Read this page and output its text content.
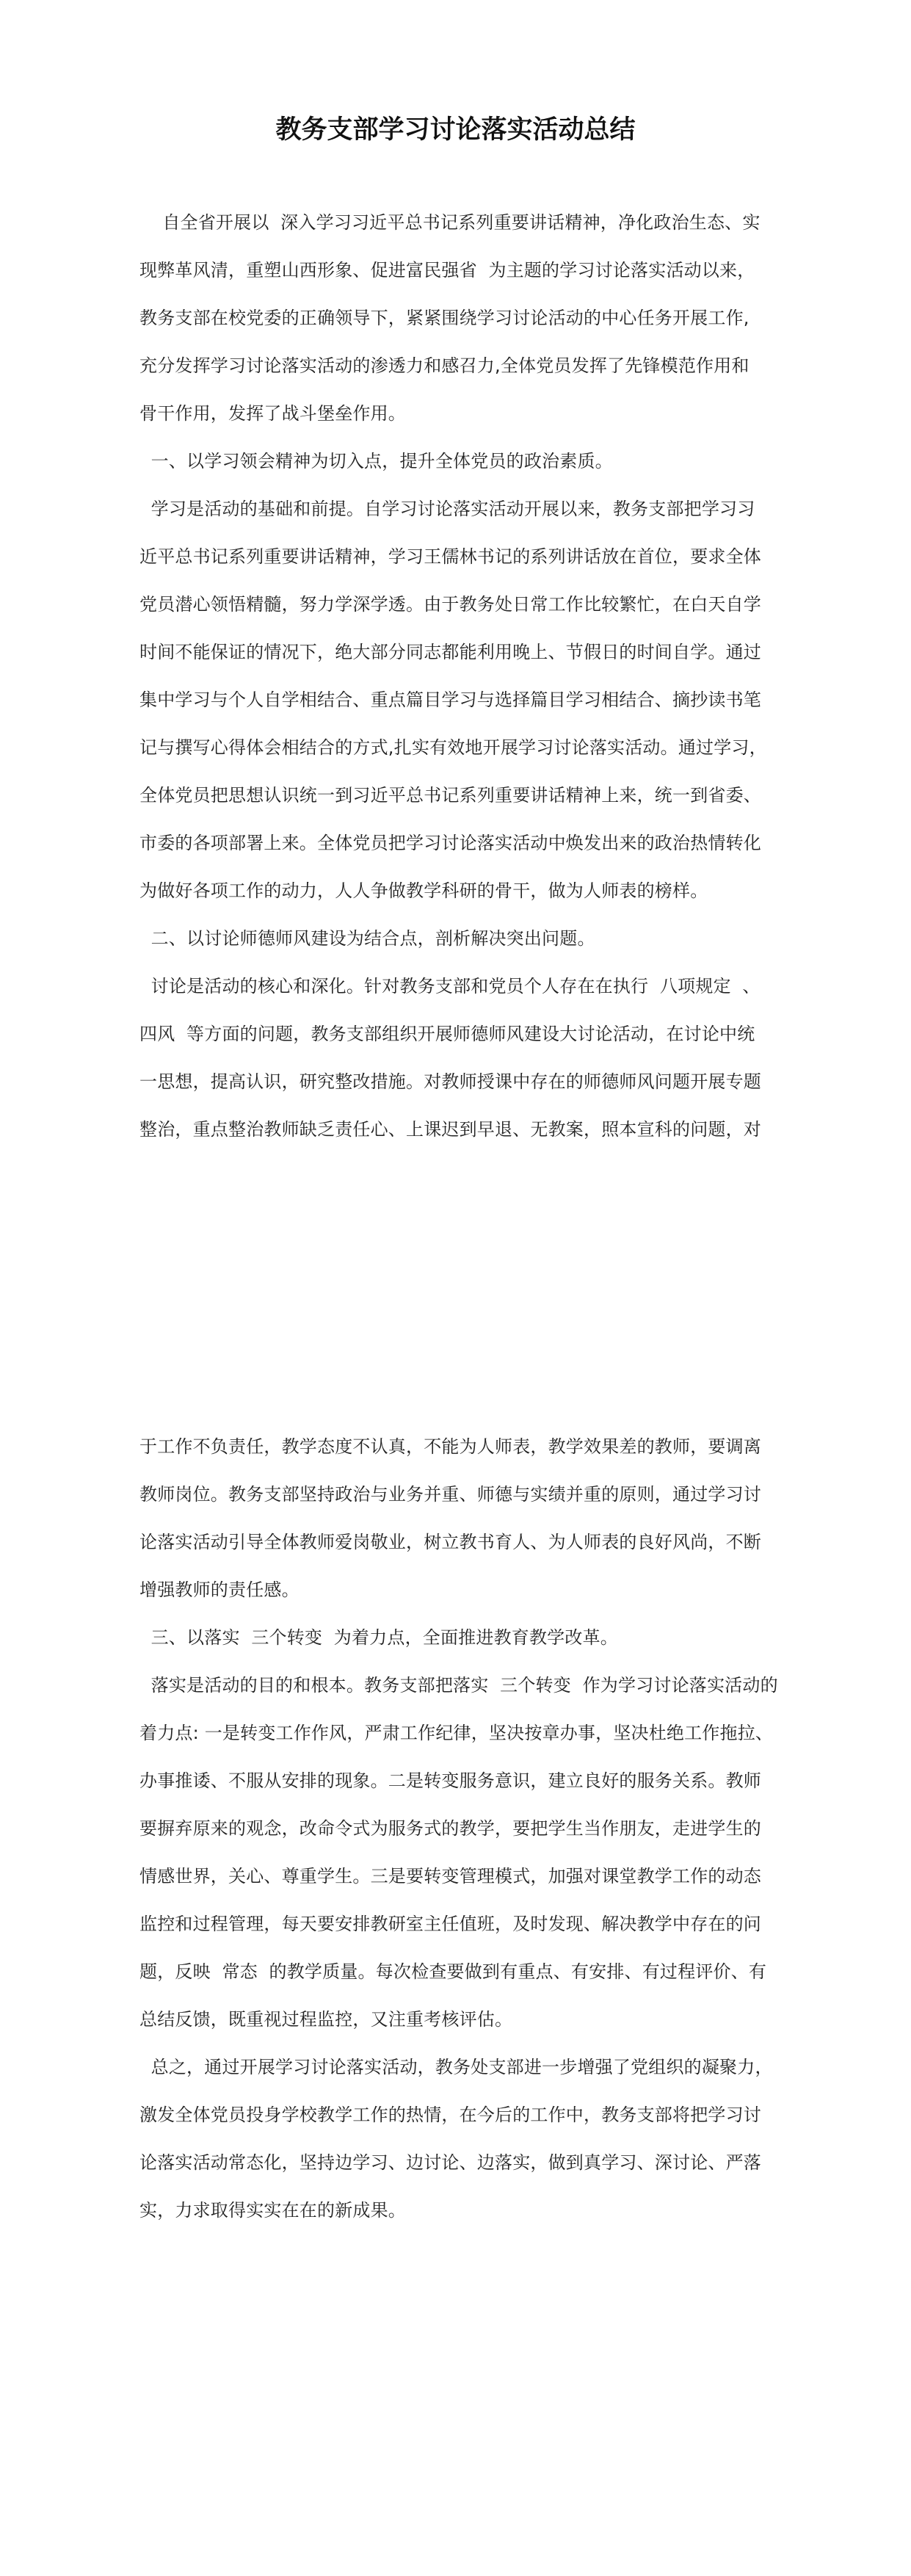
教务支部学习讨论落实活动总结
自全省开展以  深入学习习近平总书记系列重要讲话精神，净化政治生态、实
现弊革风清，重塑山西形象、促进富民强省  为主题的学习讨论落实活动以来，
教务支部在校党委的正确领导下，紧紧围绕学习讨论活动的中心任务开展工作,
充分发挥学习讨论落实活动的渗透力和感召力,全体党员发挥了先锋模范作用和
骨干作用，发挥了战斗堡垒作用。
一、以学习领会精神为切入点，提升全体党员的政治素质。
学习是活动的基础和前提。自学习讨论落实活动开展以来，教务支部把学习习
近平总书记系列重要讲话精神，学习王儒林书记的系列讲话放在首位，要求全体
党员潜心领悟精髓，努力学深学透。由于教务处日常工作比较繁忙，在白天自学
时间不能保证的情况下，绝大部分同志都能利用晚上、节假日的时间自学。通过
集中学习与个人自学相结合、重点篇目学习与选择篇目学习相结合、摘抄读书笔
记与撰写心得体会相结合的方式,扎实有效地开展学习讨论落实活动。通过学习，
全体党员把思想认识统一到习近平总书记系列重要讲话精神上来，统一到省委、
市委的各项部署上来。全体党员把学习讨论落实活动中焕发出来的政治热情转化
为做好各项工作的动力，人人争做教学科研的骨干，做为人师表的榜样。
二、以讨论师德师风建设为结合点，剖析解决突出问题。
讨论是活动的核心和深化。针对教务支部和党员个人存在在执行  八项规定  、
四风  等方面的问题，教务支部组织开展师德师风建设大讨论活动，在讨论中统
一思想，提高认识，研究整改措施。对教师授课中存在的师德师风问题开展专题
整治，重点整治教师缺乏责任心、上课迟到早退、无教案，照本宣科的问题，对
于工作不负责任，教学态度不认真，不能为人师表，教学效果差的教师，要调离
教师岗位。教务支部坚持政治与业务并重、师德与实绩并重的原则，通过学习讨
论落实活动引导全体教师爱岗敬业，树立教书育人、为人师表的良好风尚，不断
增强教师的责任感。
三、以落实  三个转变  为着力点，全面推进教育教学改革。
落实是活动的目的和根本。教务支部把落实  三个转变  作为学习讨论落实活动的
着力点: 一是转变工作作风，严肃工作纪律，坚决按章办事，坚决杜绝工作拖拉、
办事推诿、不服从安排的现象。二是转变服务意识，建立良好的服务关系。教师
要摒弃原来的观念，改命令式为服务式的教学，要把学生当作朋友，走进学生的
情感世界，关心、尊重学生。三是要转变管理模式，加强对课堂教学工作的动态
监控和过程管理，每天要安排教研室主任值班，及时发现、解决教学中存在的问
题，反映  常态  的教学质量。每次检查要做到有重点、有安排、有过程评价、有
总结反馈，既重视过程监控，又注重考核评估。
总之，通过开展学习讨论落实活动，教务处支部进一步增强了党组织的凝聚力，
激发全体党员投身学校教学工作的热情，在今后的工作中，教务支部将把学习讨
论落实活动常态化，坚持边学习、边讨论、边落实，做到真学习、深讨论、严落
实，力求取得实实在在的新成果。
